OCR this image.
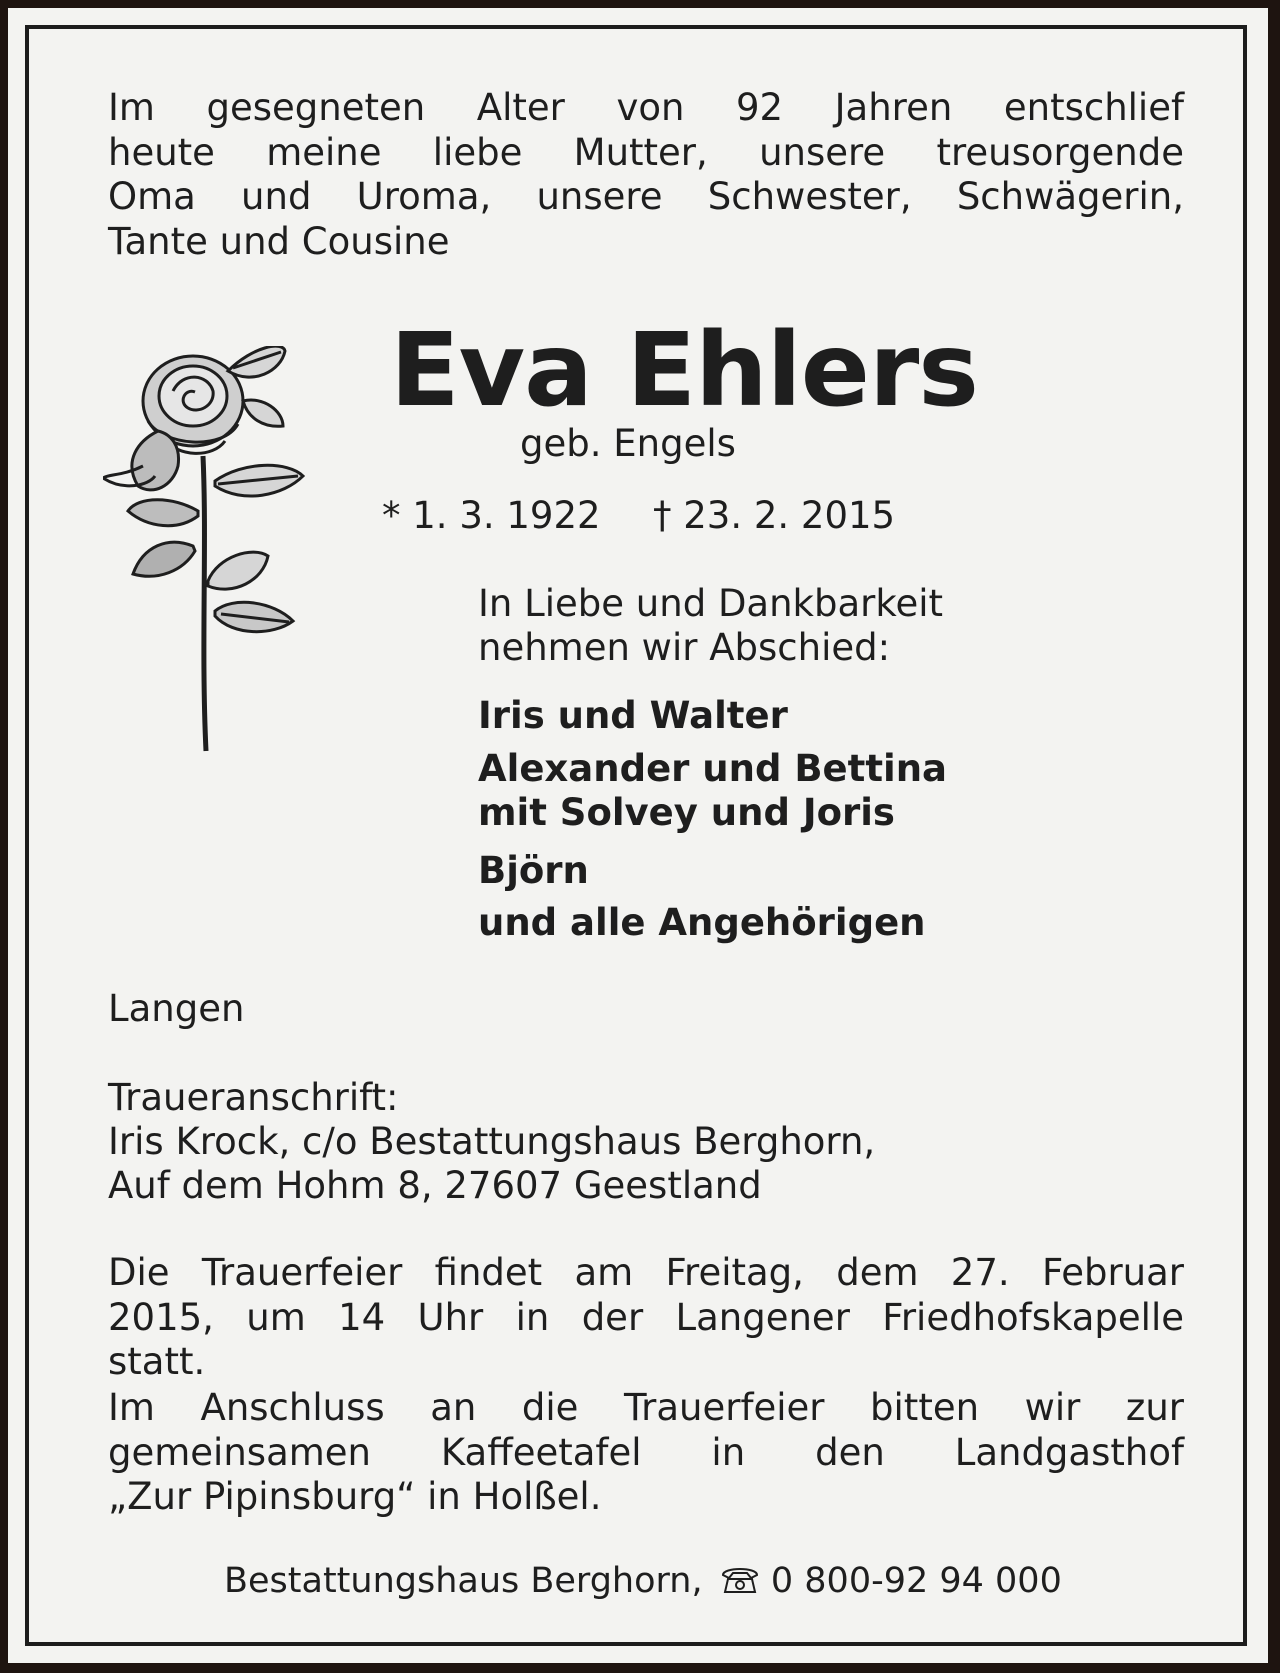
Im gesegneten Alter von 92 Jahren entschlief
heute meine liebe Mutter, unsere treusorgende
Oma und Uroma, unsere Schwester, Schwägerin,
Tante und Cousine
Eva Ehlers
geb. Engels
* 1. 3. 1922 † 23. 2. 2015
In Liebe und Dankbarkeit
nehmen wir Abschied:
Iris und Walter
Alexander und Bettina
mit Solvey und Joris
Björn
und alle Angehörigen
Langen
Traueranschrift:
Iris Krock, c/o Bestattungshaus Berghorn,
Auf dem Hohm 8, 27607 Geestland
Die Trauerfeier findet am Freitag, dem 27. Februar
2015, um 14 Uhr in der Langener Friedhofskapelle
statt.
Im Anschluss an die Trauerfeier bitten wir zur
gemeinsamen Kaffeetafel in den Landgasthof
„Zur Pipinsburg“ in Holßel.
Bestattungshaus Berghorn, 0 800-92 94 000
